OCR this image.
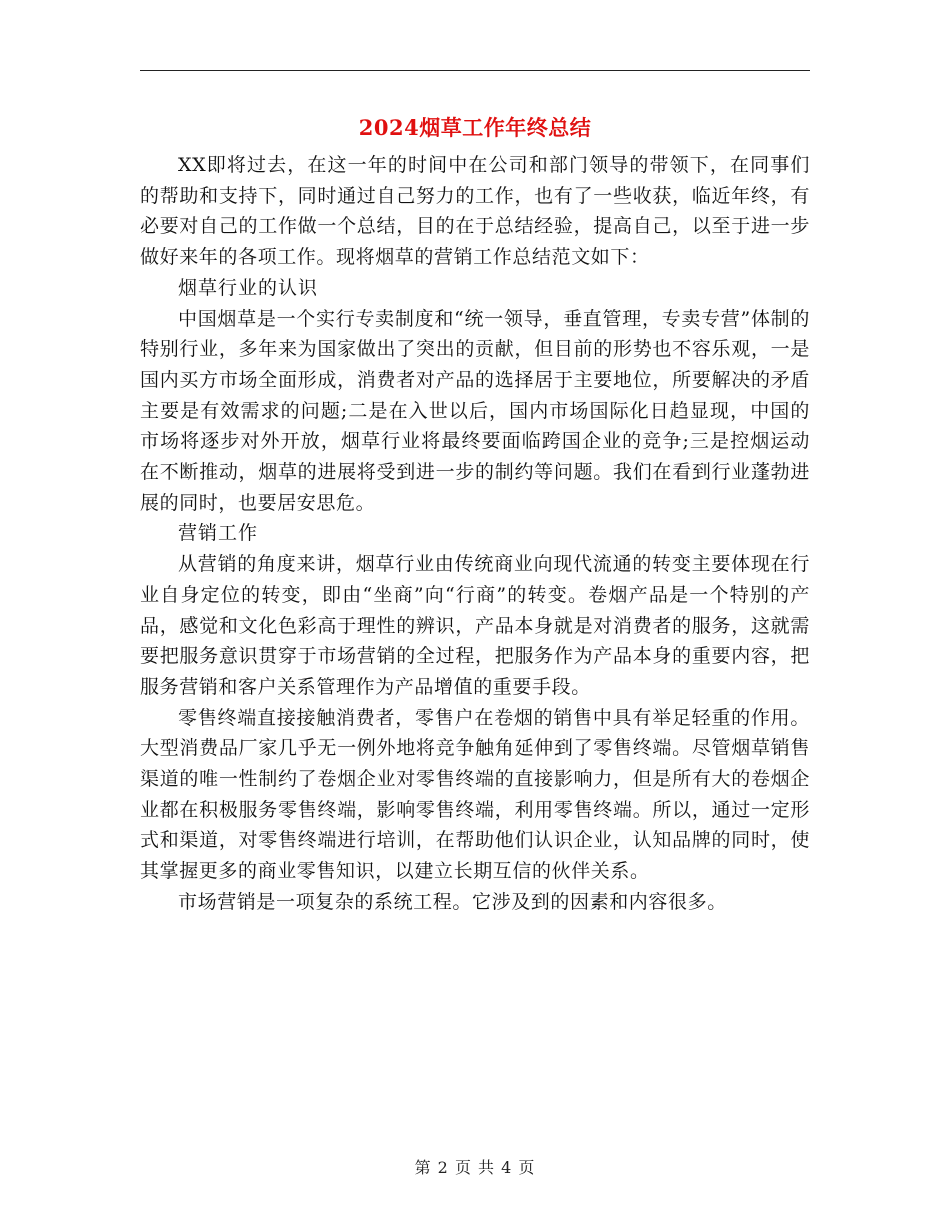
2024烟草工作年终总结

XX即将过去，在这一年的时间中在公司和部门领导的带领下，在同事们的帮助和支持下，同时通过自己努力的工作，也有了一些收获，临近年终，有必要对自己的工作做一个总结，目的在于总结经验，提高自己，以至于进一步做好来年的各项工作。现将烟草的营销工作总结范文如下：

烟草行业的认识

中国烟草是一个实行专卖制度和“统一领导，垂直管理，专卖专营”体制的特别行业，多年来为国家做出了突出的贡献，但目前的形势也不容乐观，一是国内买方市场全面形成，消费者对产品的选择居于主要地位，所要解决的矛盾主要是有效需求的问题;二是在入世以后，国内市场国际化日趋显现，中国的市场将逐步对外开放，烟草行业将最终要面临跨国企业的竞争;三是控烟运动在不断推动，烟草的进展将受到进一步的制约等问题。我们在看到行业蓬勃进展的同时，也要居安思危。

营销工作

从营销的角度来讲，烟草行业由传统商业向现代流通的转变主要体现在行业自身定位的转变，即由“坐商”向“行商”的转变。卷烟产品是一个特别的产品，感觉和文化色彩高于理性的辨识，产品本身就是对消费者的服务，这就需要把服务意识贯穿于市场营销的全过程，把服务作为产品本身的重要内容，把服务营销和客户关系管理作为产品增值的重要手段。

零售终端直接接触消费者，零售户在卷烟的销售中具有举足轻重的作用。大型消费品厂家几乎无一例外地将竞争触角延伸到了零售终端。尽管烟草销售渠道的唯一性制约了卷烟企业对零售终端的直接影响力，但是所有大的卷烟企业都在积极服务零售终端，影响零售终端，利用零售终端。所以，通过一定形式和渠道，对零售终端进行培训，在帮助他们认识企业，认知品牌的同时，使其掌握更多的商业零售知识，以建立长期互信的伙伴关系。

市场营销是一项复杂的系统工程。它涉及到的因素和内容很多。

第 2 页 共 4 页
